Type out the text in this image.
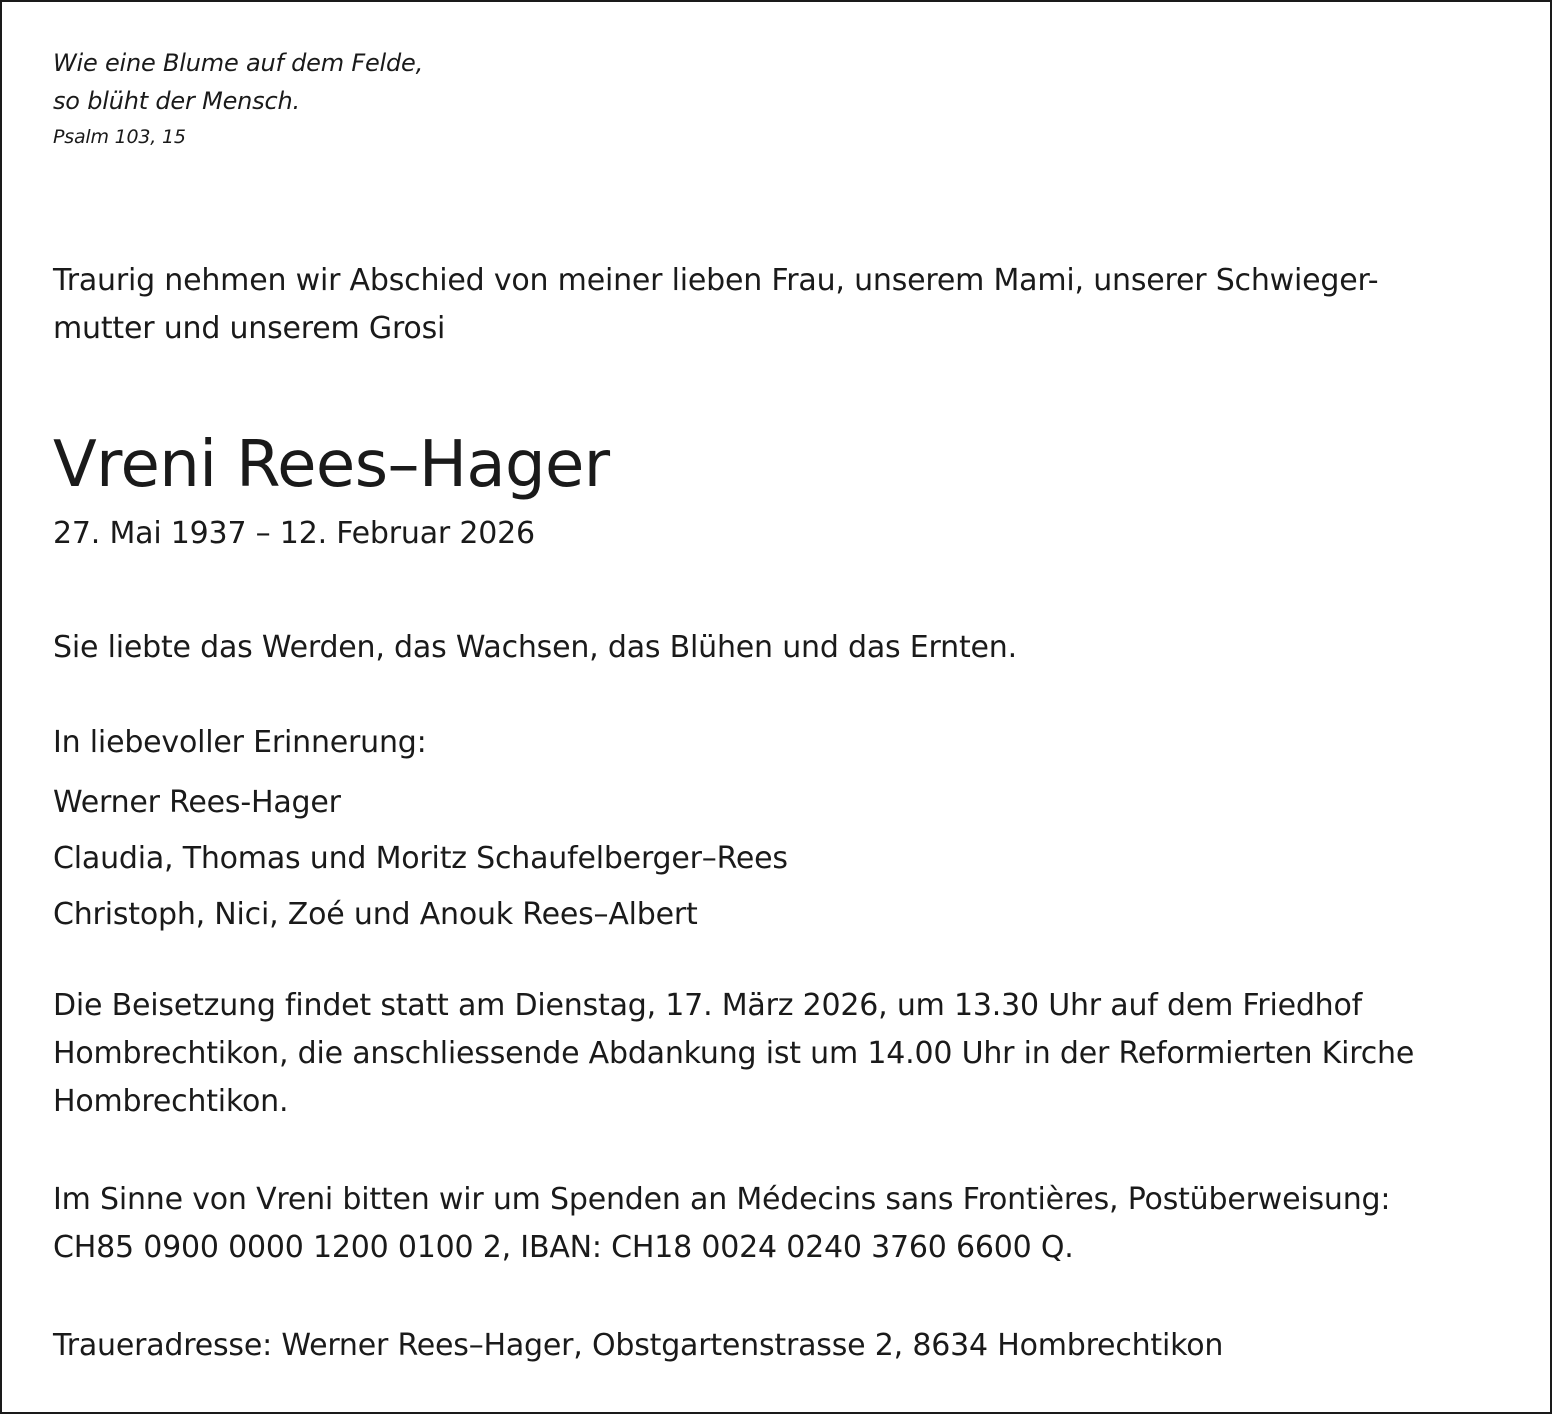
Wie eine Blume auf dem Felde,
so blüht der Mensch.
Psalm 103, 15
Traurig nehmen wir Abschied von meiner lieben Frau, unserem Mami, unserer Schwieger-
mutter und unserem Grosi
Vreni Rees–Hager
27. Mai 1937 – 12. Februar 2026
Sie liebte das Werden, das Wachsen, das Blühen und das Ernten.
In liebevoller Erinnerung:
Werner Rees-Hager
Claudia, Thomas und Moritz Schaufelberger–Rees
Christoph, Nici, Zoé und Anouk Rees–Albert
Die Beisetzung findet statt am Dienstag, 17. März 2026, um 13.30 Uhr auf dem Friedhof
Hombrechtikon, die anschliessende Abdankung ist um 14.00 Uhr in der Reformierten Kirche
Hombrechtikon.
Im Sinne von Vreni bitten wir um Spenden an Médecins sans Frontières, Postüberweisung:
CH85 0900 0000 1200 0100 2, IBAN: CH18 0024 0240 3760 6600 Q.
Traueradresse: Werner Rees–Hager, Obstgartenstrasse 2, 8634 Hombrechtikon
